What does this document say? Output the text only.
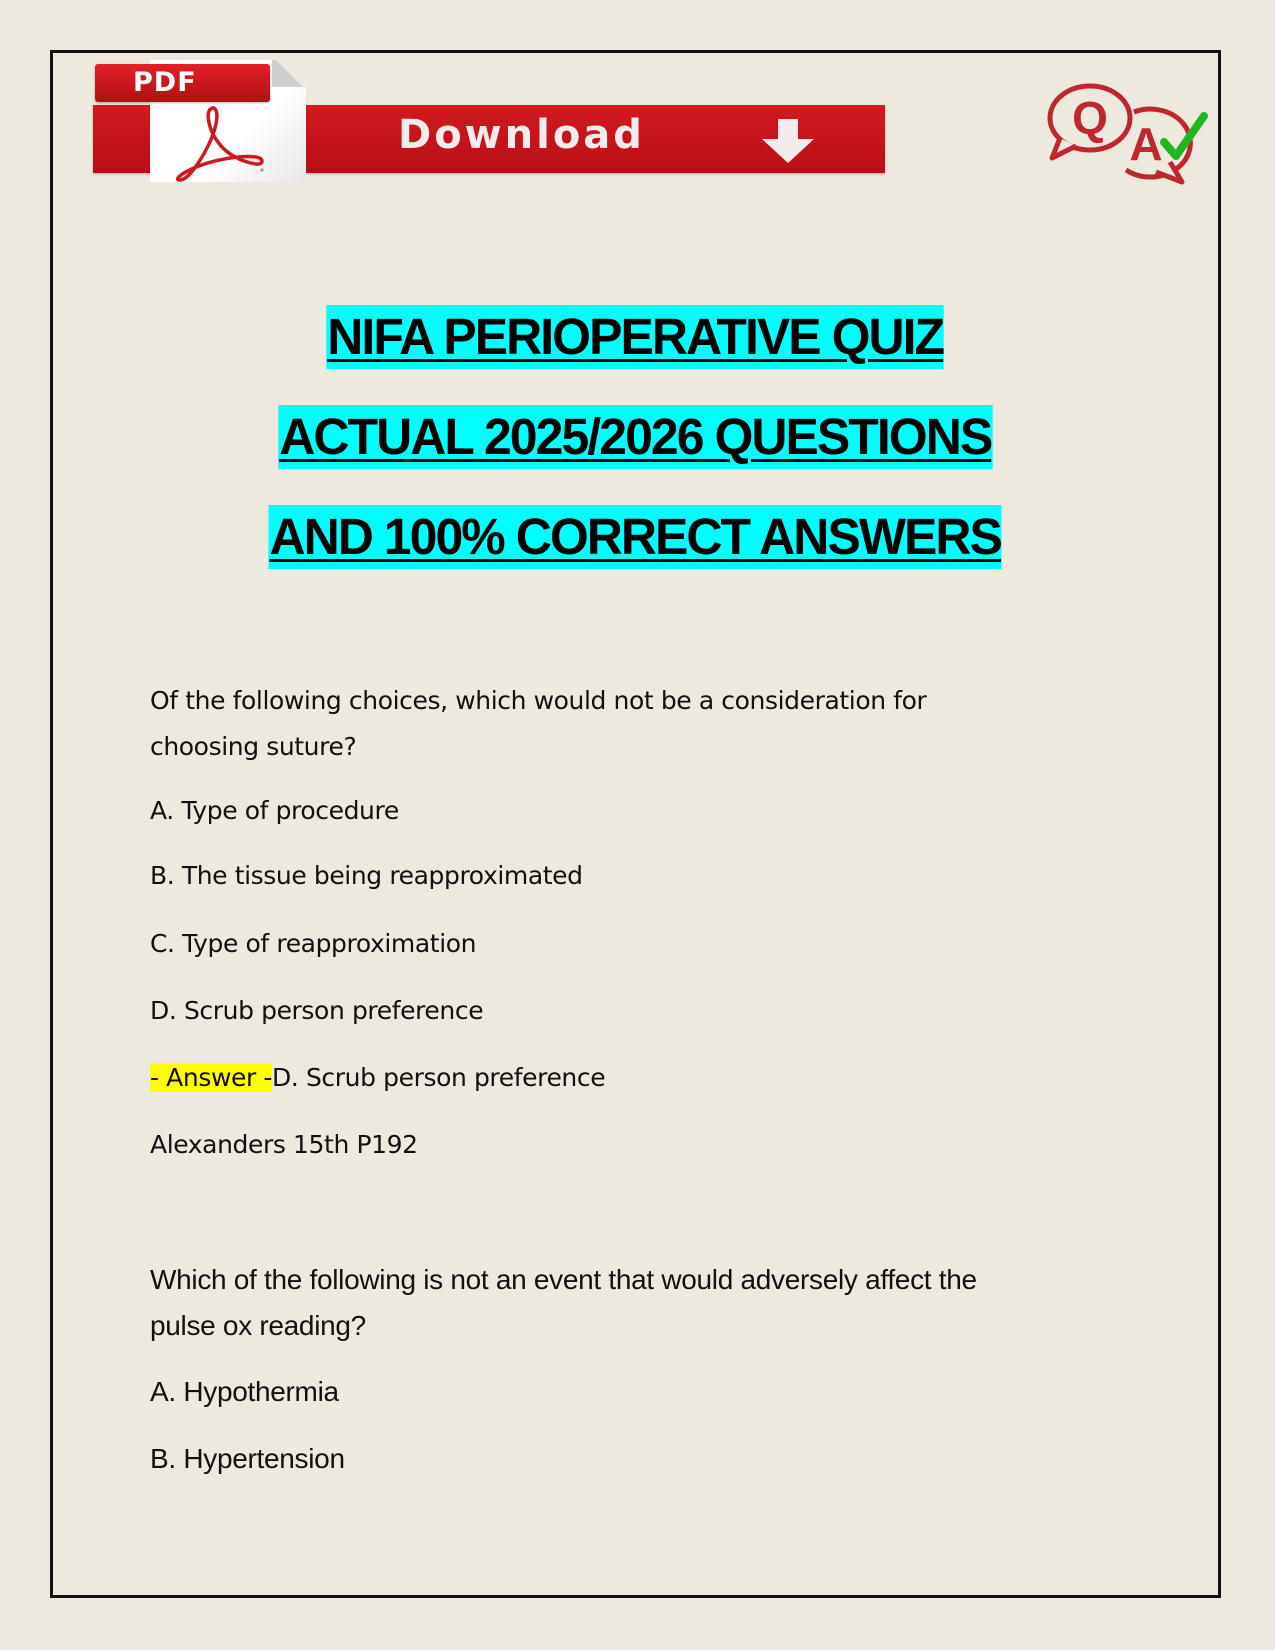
Download
PDF
Q A
NIFA PERIOPERATIVE QUIZ
ACTUAL 2025/2026 QUESTIONS
AND 100% CORRECT ANSWERS
Of the following choices, which would not be a consideration for
choosing suture?
A. Type of procedure
B. The tissue being reapproximated
C. Type of reapproximation
D. Scrub person preference
- Answer -D. Scrub person preference
Alexanders 15th P192
Which of the following is not an event that would adversely affect the
pulse ox reading?
A. Hypothermia
B. Hypertension
